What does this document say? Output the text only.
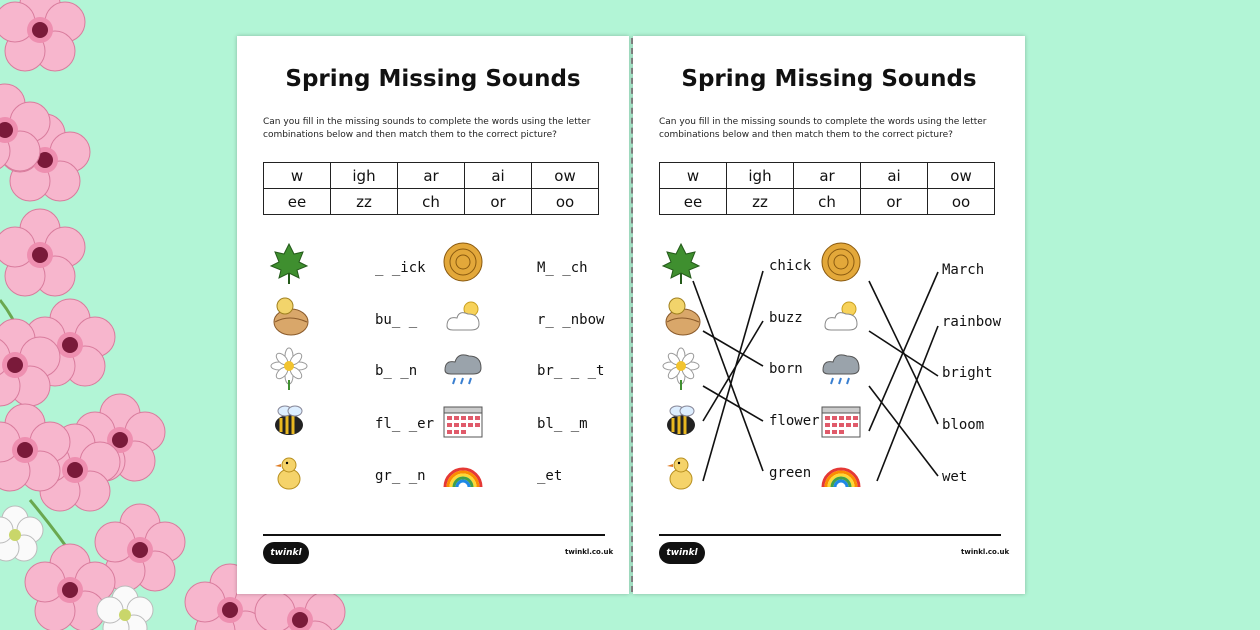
Spring Missing Sounds
Can you fill in the missing sounds to complete the words using the letter combinations below and then match them to the correct picture?
w	igh	ar	ai	ow
ee	zz	ch	or	oo
_ _ick
bu_ _
b_ _n
fl_ _er
gr_ _n
M_ _ch
r_ _nbow
br_ _ _t
bl_ _m
_et
twinkl	twinkl.co.uk
Spring Missing Sounds
Can you fill in the missing sounds to complete the words using the letter combinations below and then match them to the correct picture?
w	igh	ar	ai	ow
ee	zz	ch	or	oo
chick
buzz
born
flower
green
March
rainbow
bright
bloom
wet
twinkl	twinkl.co.uk
